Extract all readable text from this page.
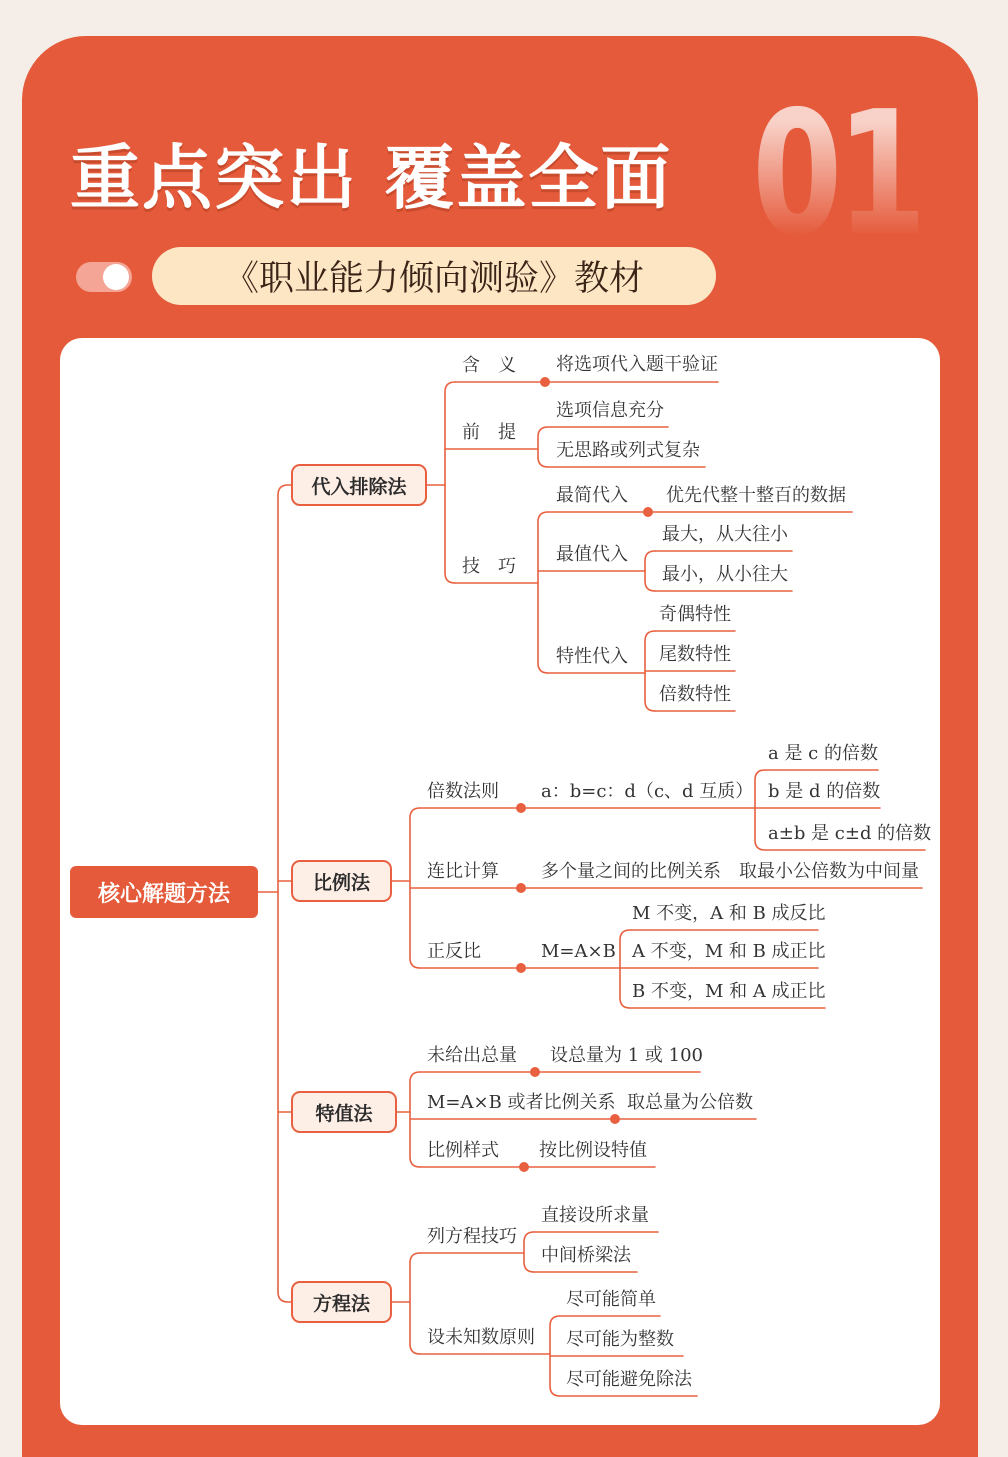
重点突出 覆盖全面 01
《职业能力倾向测验》教材
核心解题方法
代入排除法
比例法
特值法
方程法
含　义 将选项代入题干验证
前　提
选项信息充分
无思路或列式复杂
技　巧
最简代入 优先代整十整百的数据
最值代入
最大，从大往小
最小，从小往大
特性代入
奇偶特性
尾数特性
倍数特性
倍数法则 a：b=c：d（c、d 互质）
a 是 c 的倍数
b 是 d 的倍数
a±b 是 c±d 的倍数
连比计算 多个量之间的比例关系　取最小公倍数为中间量
正反比	M=A×B
M 不变，A 和 B 成反比
A 不变，M 和 B 成正比
B 不变，M 和 A 成正比
未给出总量 设总量为 1 或 100
M=A×B 或者比例关系 取总量为公倍数
比例样式 按比例设特值
列方程技巧
直接设所求量
中间桥梁法
设未知数原则
尽可能简单
尽可能为整数
尽可能避免除法
